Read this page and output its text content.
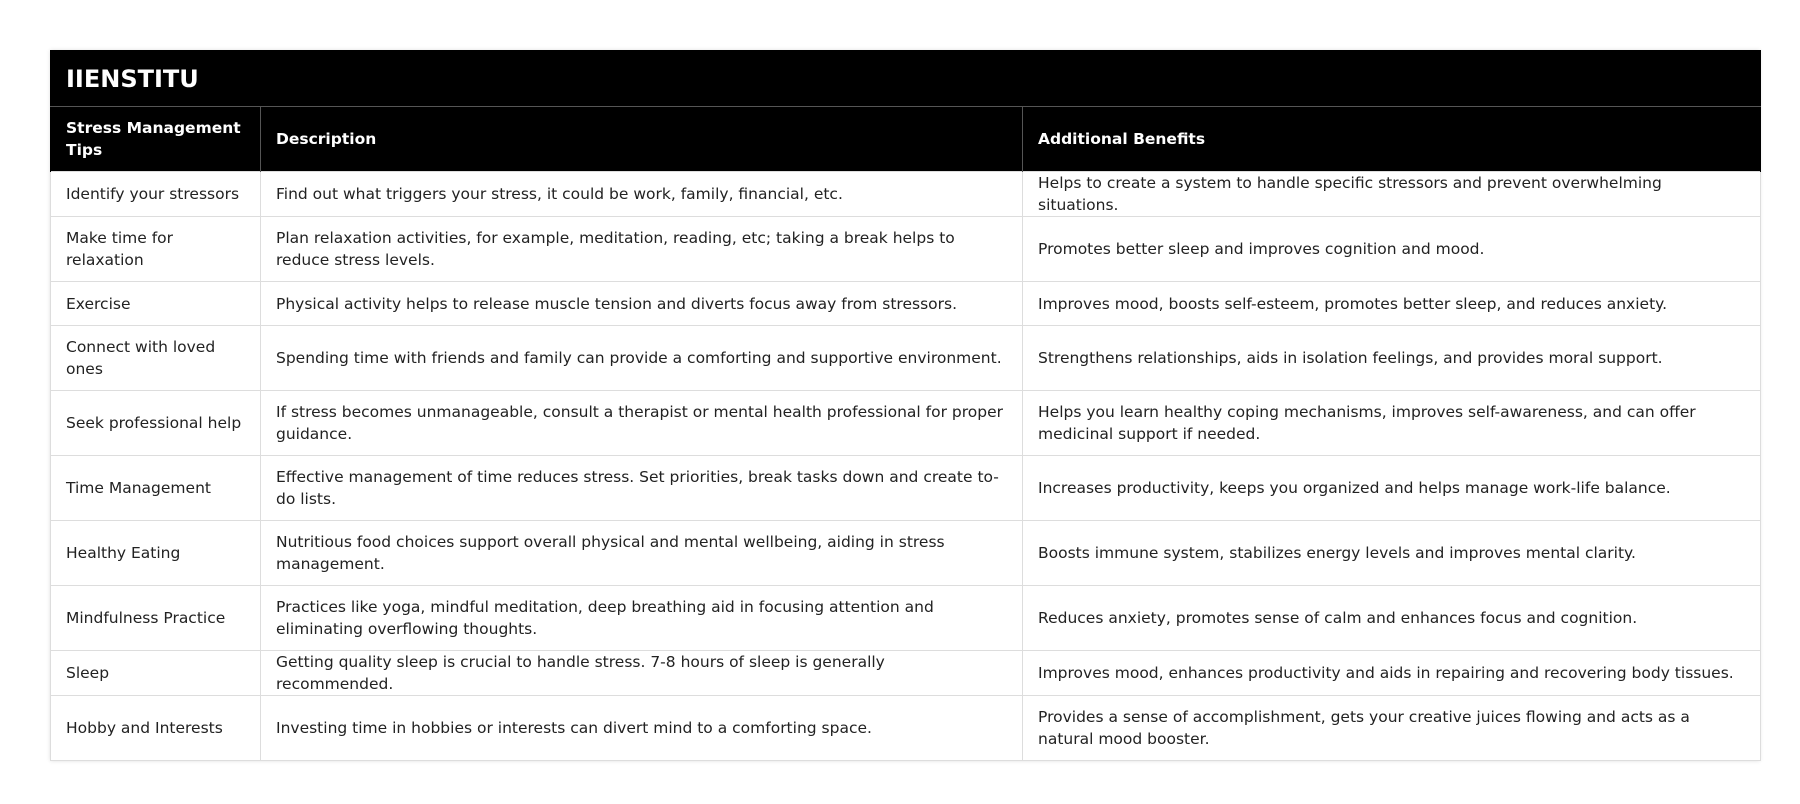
IIENSTITU		
Stress Management Tips	Description	Additional Benefits
Identify your stressors	Find out what triggers your stress, it could be work, family, financial, etc.	Helps to create a system to handle specific stressors and prevent overwhelming situations.
Make time for relaxation	Plan relaxation activities, for example, meditation, reading, etc; taking a break helps to reduce stress levels.	Promotes better sleep and improves cognition and mood.
Exercise	Physical activity helps to release muscle tension and diverts focus away from stressors.	Improves mood, boosts self-esteem, promotes better sleep, and reduces anxiety.
Connect with loved ones	Spending time with friends and family can provide a comforting and supportive environment.	Strengthens relationships, aids in isolation feelings, and provides moral support.
Seek professional help	If stress becomes unmanageable, consult a therapist or mental health professional for proper guidance.	Helps you learn healthy coping mechanisms, improves self-awareness, and can offer medicinal support if needed.
Time Management	Effective management of time reduces stress. Set priorities, break tasks down and create to-do lists.	Increases productivity, keeps you organized and helps manage work-life balance.
Healthy Eating	Nutritious food choices support overall physical and mental wellbeing, aiding in stress management.	Boosts immune system, stabilizes energy levels and improves mental clarity.
Mindfulness Practice	Practices like yoga, mindful meditation, deep breathing aid in focusing attention and eliminating overflowing thoughts.	Reduces anxiety, promotes sense of calm and enhances focus and cognition.
Sleep	Getting quality sleep is crucial to handle stress. 7-8 hours of sleep is generally recommended.	Improves mood, enhances productivity and aids in repairing and recovering body tissues.
Hobby and Interests	Investing time in hobbies or interests can divert mind to a comforting space.	Provides a sense of accomplishment, gets your creative juices flowing and acts as a natural mood booster.
